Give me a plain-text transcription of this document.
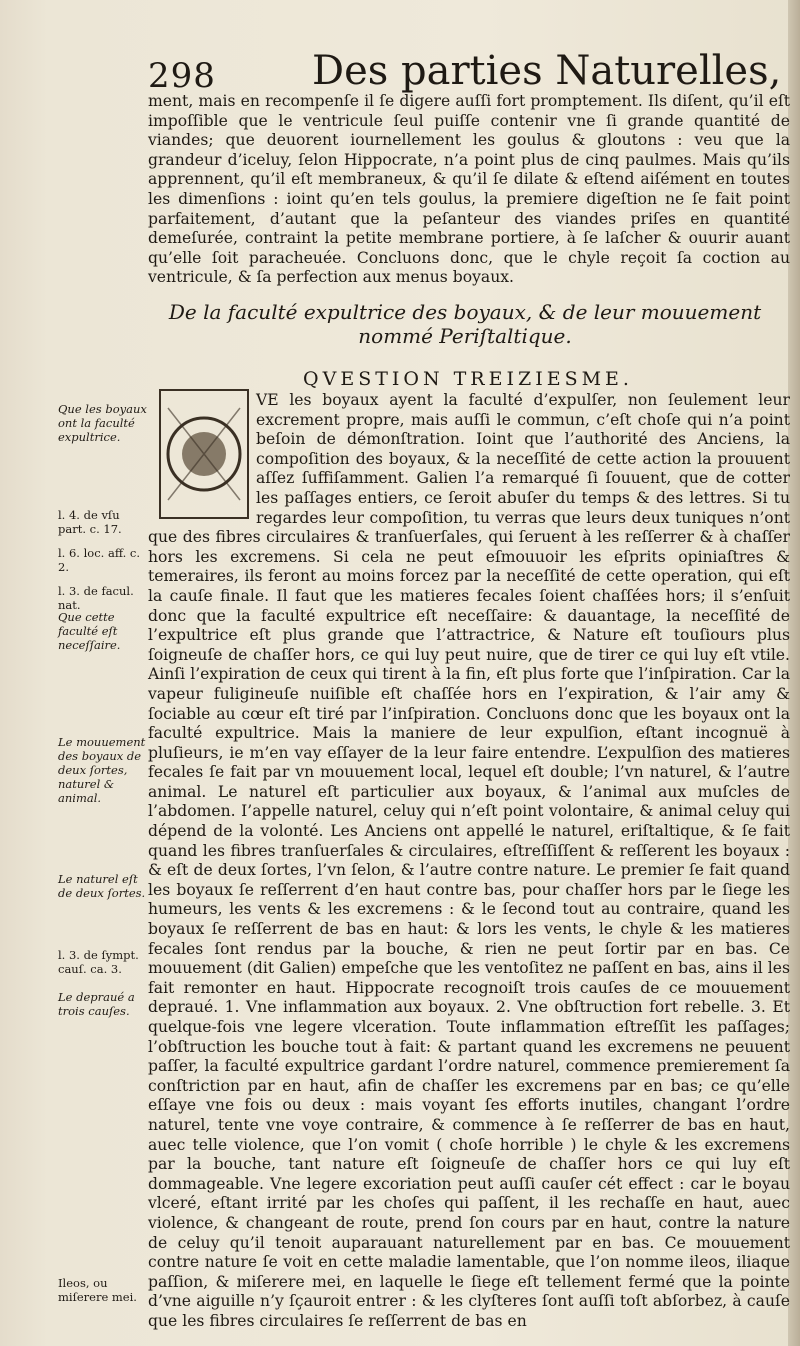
298 Des parties Naturelles,

ment, mais en recompenſe il ſe digere auſſi fort promptement. Ils diſent, qu’il eſt impoſſible que le ventricule ſeul puiſſe contenir vne ſi grande quantité de viandes; que deuorent iournellement les goulus & gloutons : veu que la grandeur d’iceluy, ſelon Hippocrate, n’a point plus de cinq paulmes. Mais qu’ils apprennent, qu’il eſt membraneux, & qu’il ſe dilate & eſtend aiſément en toutes les dimenſions : ioint qu’en tels goulus, la premiere digeſtion ne ſe fait point parfaitement, d’autant que la peſanteur des viandes priſes en quantité demeſurée, contraint la petite membrane portiere, à ſe laſcher & ouurir auant qu’elle ſoit paracheuée. Concluons donc, que le chyle reçoit ſa coction au ventricule, & ſa perfection aux menus boyaux.

De la faculté expultrice des boyaux, & de leur mouuement nommé Periſtaltique.
QVESTION TREIZIESME.

VE les boyaux ayent la faculté d’expulſer, non ſeulement leur excrement propre, mais auſſi le commun, c’eſt choſe qui n’a point beſoin de démonſtration. Ioint que l’authorité des Anciens, la compoſition des boyaux, & la neceſſité de cette action la prouuent aſſez ſuffiſamment. Galien l’a remarqué ſi ſouuent, que de cotter les paſſages entiers, ce ſeroit abuſer du temps & des lettres. Si tu regardes leur compoſition, tu verras que leurs deux tuniques n’ont que des fibres circulaires & tranſuerſales, qui ſeruent à les reſſerrer & à chaſſer hors les excremens. Si cela ne peut eſmouuoir les eſprits opiniaſtres & temeraires, ils feront au moins forcez par la neceſſité de cette operation, qui eſt la cauſe finale. Il faut que les matieres fecales ſoient chaſſées hors; il s’enſuit donc que la faculté expultrice eſt neceſſaire: & dauantage, la neceſſité de l’expultrice eſt plus grande que l’attractrice, & Nature eſt touſiours plus ſoigneuſe de chaſſer hors, ce qui luy peut nuire, que de tirer ce qui luy eſt vtile. Ainſi l’expiration de ceux qui tirent à la fin, eſt plus forte que l’inſpiration. Car la vapeur fuligineuſe nuiſible eſt chaſſée hors en l’expiration, & l’air amy & ſociable au cœur eſt tiré par l’inſpiration. Concluons donc que les boyaux ont la faculté expultrice. Mais la maniere de leur expulſion, eſtant incognuë à pluſieurs, ie m’en vay eſſayer de la leur faire entendre. L’expulſion des matieres fecales ſe fait par vn mouuement local, lequel eſt double; l’vn naturel, & l’autre animal. Le naturel eſt particulier aux boyaux, & l’animal aux muſcles de l’abdomen. I’appelle naturel, celuy qui n’eſt point volontaire, & animal celuy qui dépend de la volonté. Les Anciens ont appellé le naturel, eriſtaltique, & ſe fait quand les fibres tranſuerſales & circulaires, eſtreſſiſſent & reſſerent les boyaux : & eſt de deux ſortes, l’vn ſelon, & l’autre contre nature. Le premier ſe fait quand les boyaux ſe reſſerrent d’en haut contre bas, pour chaſſer hors par le ſiege les humeurs, les vents & les excremens : & le ſecond tout au contraire, quand les boyaux ſe reſſerrent de bas en haut: & lors les vents, le chyle & les matieres fecales ſont rendus par la bouche, & rien ne peut ſortir par en bas. Ce mouuement (dit Galien) empeſche que les ventoſitez ne paſſent en bas, ains il les fait remonter en haut. Hippocrate recognoiſt trois cauſes de ce mouuement depraué. 1. Vne inflammation aux boyaux. 2. Vne obſtruction fort rebelle. 3. Et quelque-fois vne legere vlceration. Toute inflammation eſtreſſit les paſſages; l’obſtruction les bouche tout à fait: & partant quand les excremens ne peuuent paſſer, la faculté expultrice gardant l’ordre naturel, commence premierement ſa conſtriction par en haut, afin de chaſſer les excremens par en bas; ce qu’elle eſſaye vne fois ou deux : mais voyant ſes efforts inutiles, changant l’ordre naturel, tente vne voye contraire, & commence à ſe reſſerrer de bas en haut, auec telle violence, que l’on vomit ( choſe horrible ) le chyle & les excremens par la bouche, tant nature eſt ſoigneuſe de chaſſer hors ce qui luy eſt dommageable. Vne legere excoriation peut auſſi cauſer cét effect : car le boyau vlceré, eſtant irrité par les choſes qui paſſent, il les rechaſſe en haut, auec violence, & changeant de route, prend ſon cours par en haut, contre la nature de celuy qu’il tenoit auparauant naturellement par en bas. Ce mouuement contre nature ſe voit en cette maladie lamentable, que l’on nomme ileos, iliaque paſſion, & miſerere mei, en laquelle le ſiege eſt tellement fermé que la pointe d’vne aiguille n’y ſçauroit entrer : & les clyſteres ſont auſſi toſt abſorbez, à cauſe que les fibres circulaires ſe reſſerrent de bas en

Que les boyaux ont la faculté expultrice.
l. 4. de vſu part. c. 17.
l. 6. loc. aff. c. 2.
l. 3. de facul. nat.
Que cette faculté eſt neceſſaire.
Le mouuement des boyaux de deux ſortes, naturel & animal.
Le naturel eſt de deux ſortes.
l. 3. de ſympt. cauſ. ca. 3.
Le depraué a trois cauſes.
Ileos, ou miſerere mei.
